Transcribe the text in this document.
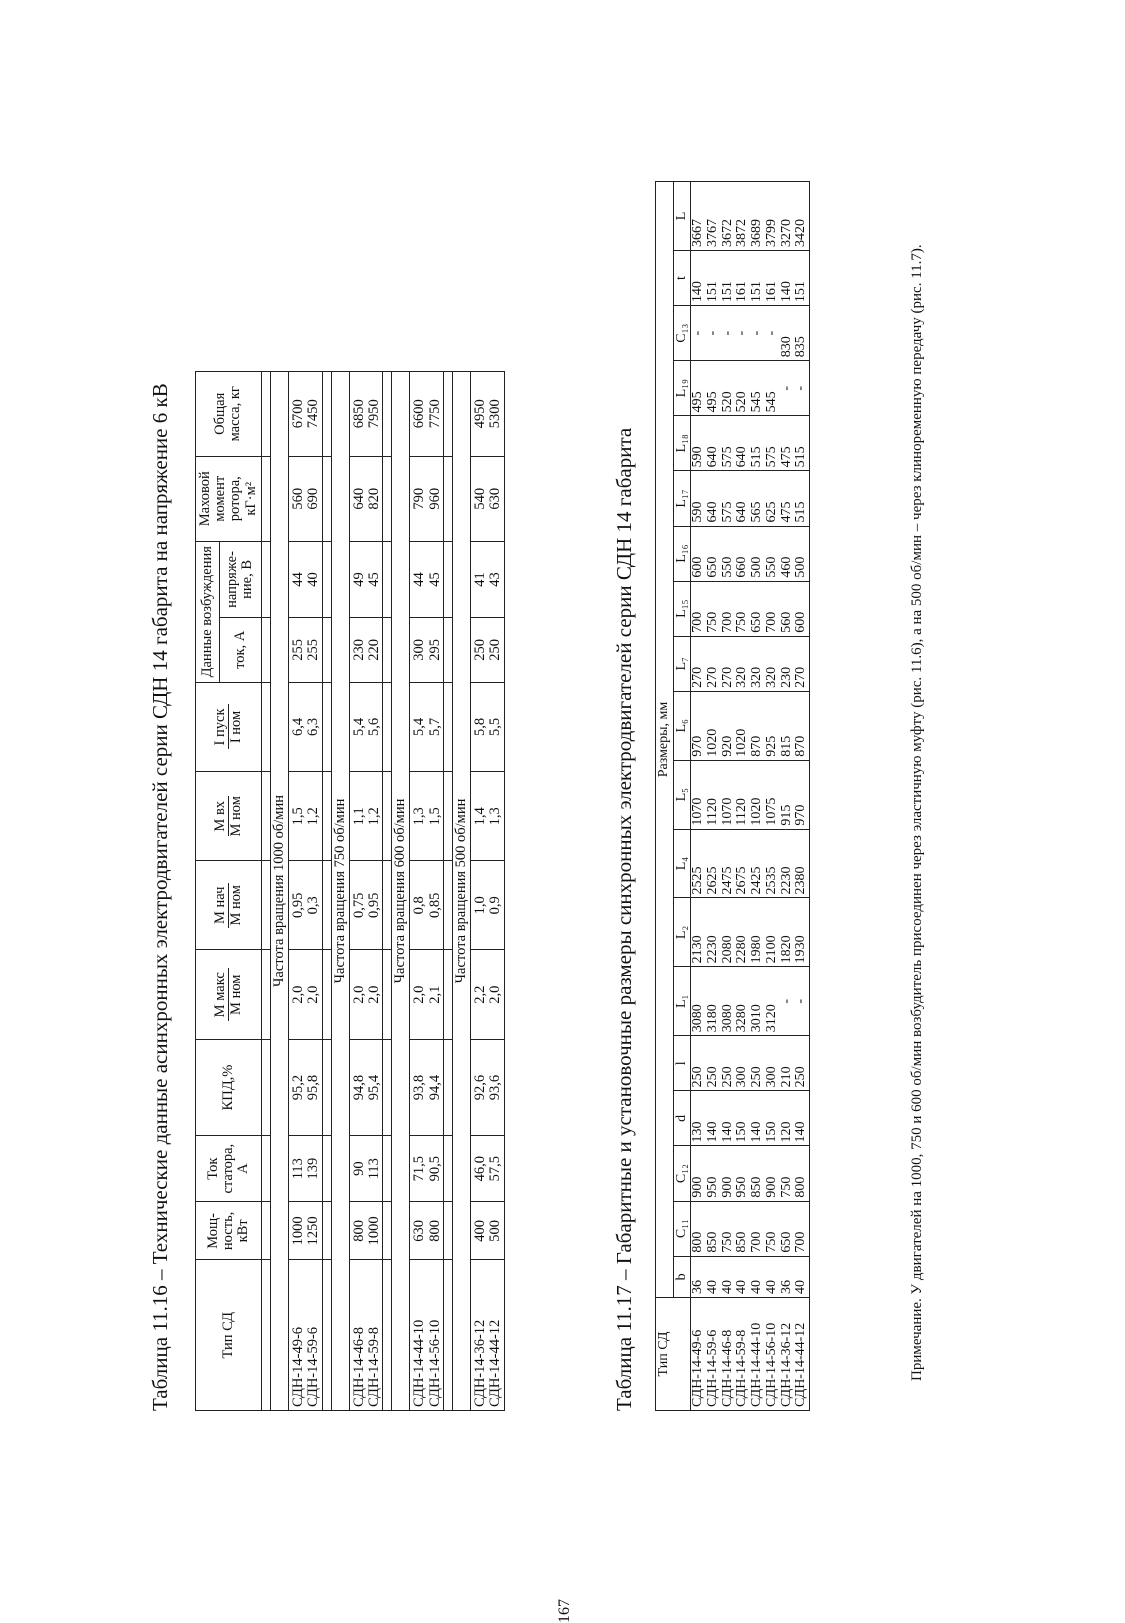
Таблица 11.16 – Технические данные асинхронных электродвигателей серии СДН 14 габарита на напряжение 6 кВ	Тип СД	Мощ-ность, кВт	Ток статора, А	КПД,%	М макс М ном	М нач М ном	М вх М ном	I пуск I ном	Данные возбуждения		Маховой момент ротора, кГ·м²	Общая масса, кг
								ток, А	напряже-ние, В		

Частота вращения 1000 об/мин											
СДН-14-49-6	1000	113	95,2	2,0	0,95	1,5	6,4	255	44	560	6700
СДН-14-59-6	1250	139	95,8	2,0	0,3	1,2	6,3	255	40	690	7450

Частота вращения 750 об/мин											
СДН-14-46-8	800	90	94,8	2,0	0,75	1,1	5,4	230	49	640	6850
СДН-14-59-8	1000	113	95,4	2,0	0,95	1,2	5,6	220	45	820	7950

Частота вращения 600 об/мин											
СДН-14-44-10	630	71,5	93,8	2,0	0,8	1,3	5,4	300	44	790	6600
СДН-14-56-10	800	90,5	94,4	2,1	0,85	1,5	5,7	295	45	960	7750

Частота вращения 500 об/мин											
СДН-14-36-12	400	46,0	92,6	2,2	1,0	1,4	5,8	250	41	540	4950
СДН-14-44-12	500	57,5	93,6	2,0	0,9	1,3	5,5	250	43	630	5300
Таблица 11.17 – Габаритные и установочные размеры синхронных электродвигателей серии СДН 14 габарита Тип СД	Размеры, мм																		
	b	C₁₁	C₁₂	d	l	L₁	L₂	L₄	L₅	L₆	L₇	L₁₅	L₁₆	L₁₇	L₁₈	L₁₉	C₁₃	t	L
СДН-14-49-6	36	800	900	130	250	3080	2130	2525	1070	970	270	700	600	590	590	495	-	140	3667
СДН-14-59-6	40	850	950	140	250	3180	2230	2625	1120	1020	270	750	650	640	640	495	-	151	3767
СДН-14-46-8	40	750	900	140	250	3080	2080	2475	1070	920	270	700	550	575	575	520	-	151	3672
СДН-14-59-8	40	850	950	150	300	3280	2280	2675	1120	1020	320	750	660	640	640	520	-	161	3872
СДН-14-44-10	40	700	850	140	250	3010	1980	2425	1020	870	320	650	500	565	515	545	-	151	3689
СДН-14-56-10	40	750	900	150	300	3120	2100	2535	1075	925	320	700	550	625	575	545	-	161	3799
СДН-14-36-12	36	650	750	120	210	-	1820	2230	915	815	230	560	460	475	475	-	830	140	3270
СДН-14-44-12	40	700	800	140	250	-	1930	2380	970	870	270	600	500	515	515	-	835	151	3420
Примечание. У двигателей на 1000, 750 и 600 об/мин возбудитель присоединен через эластичную муфту (рис. 11.6), а на 500 об/мин – через клиноременную передачу (рис. 11.7).
167
